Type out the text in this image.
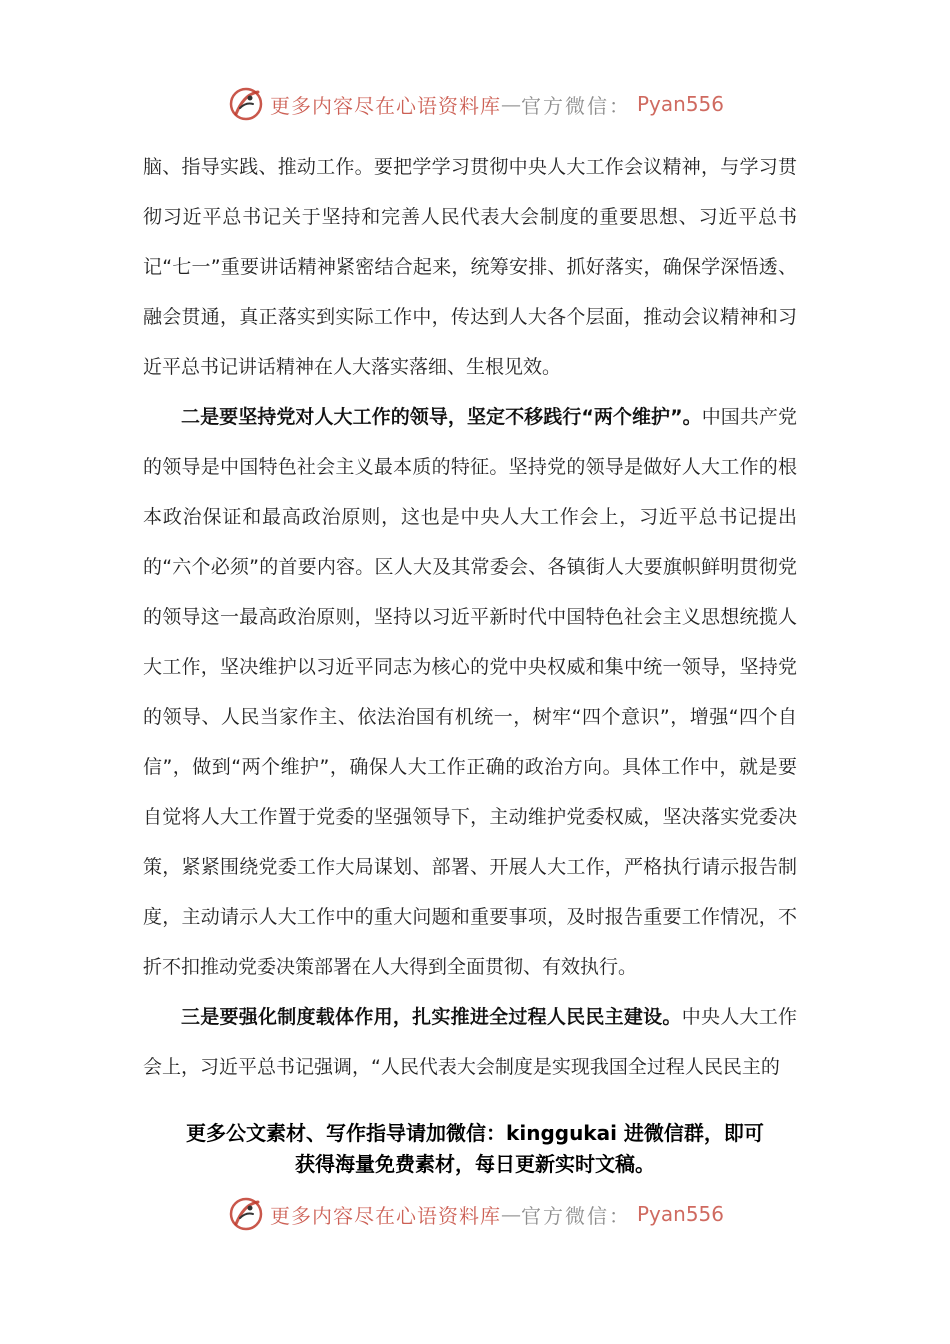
更多内容尽在心语资料库 — 官方微信： Pyan556

脑、指导实践、推动工作。要把学学习贯彻中央人大工作会议精神，与学习贯彻习近平总书记关于坚持和完善人民代表大会制度的重要思想、习近平总书记“七一”重要讲话精神紧密结合起来，统筹安排、抓好落实，确保学深悟透、融会贯通，真正落实到实际工作中，传达到人大各个层面，推动会议精神和习近平总书记讲话精神在人大落实落细、生根见效。

二是要坚持党对人大工作的领导，坚定不移践行“两个维护”。中国共产党的领导是中国特色社会主义最本质的特征。坚持党的领导是做好人大工作的根本政治保证和最高政治原则，这也是中央人大工作会上，习近平总书记提出的“六个必须”的首要内容。区人大及其常委会、各镇街人大要旗帜鲜明贯彻党的领导这一最高政治原则，坚持以习近平新时代中国特色社会主义思想统揽人大工作，坚决维护以习近平同志为核心的党中央权威和集中统一领导，坚持党的领导、人民当家作主、依法治国有机统一，树牢“四个意识”，增强“四个自信”，做到“两个维护”，确保人大工作正确的政治方向。具体工作中，就是要自觉将人大工作置于党委的坚强领导下，主动维护党委权威，坚决落实党委决策，紧紧围绕党委工作大局谋划、部署、开展人大工作，严格执行请示报告制度，主动请示人大工作中的重大问题和重要事项，及时报告重要工作情况，不折不扣推动党委决策部署在人大得到全面贯彻、有效执行。

三是要强化制度载体作用，扎实推进全过程人民民主建设。中央人大工作会上，习近平总书记强调，“人民代表大会制度是实现我国全过程人民民主的

更多公文素材、写作指导请加微信：kinggukai 进微信群，即可
获得海量免费素材，每日更新实时文稿。
更多内容尽在心语资料库 — 官方微信： Pyan556
